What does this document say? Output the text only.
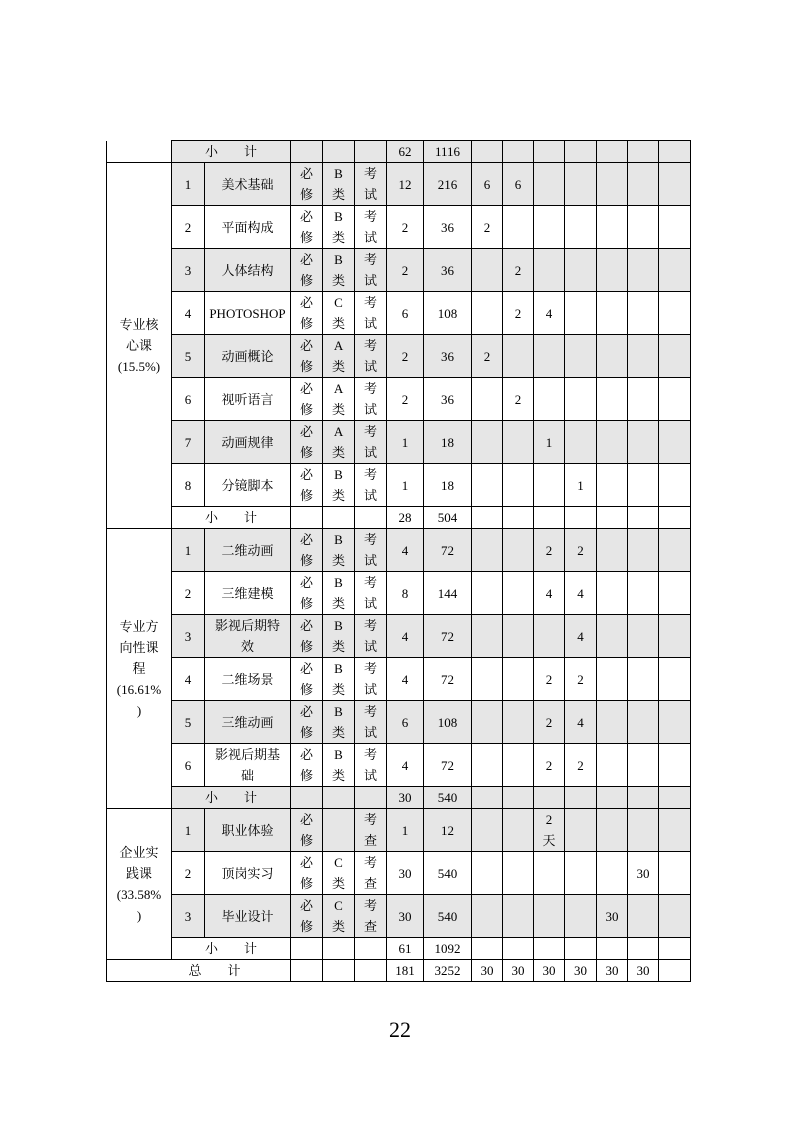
	小　　计					62	1116	

专业核
心课
(15.5%)	1	美术基础	必修	B类	考试	12	216	6	6					

	2	平面构成	必修	B类	考试	2	36	2						

	3	人体结构	必修	B类	考试	2	36		2					

	4	PHOTOSHOP	必修	C类	考试	6	108		2	4				

	5	动画概论	必修	A类	考试	2	36	2						

	6	视听语言	必修	A类	考试	2	36		2					

	7	动画规律	必修	A类	考试	1	18			1				

	8	分镜脚本	必修	B类	考试	1	18				1			

	小　　计					28	504	

专业方
向性课
程
(16.61%
)	1	二维动画	必修	B类	考试	4	72			2	2			

	2	三维建模	必修	B类	考试	8	144			4	4			

	3	影视后期特效	必修	B类	考试	4	72				4			

	4	二维场景	必修	B类	考试	4	72			2	2			

	5	三维动画	必修	B类	考试	6	108			2	4			

	6	影视后期基础	必修	B类	考试	4	72			2	2			

	小　　计					30	540	

企业实
践课
(33.58%
)	1	职业体验	必修		考查	1	12			2天				

	2	顶岗实习	必修	C类	考查	30	540						30	

	3	毕业设计	必修	C类	考查	30	540					30		

	小　　计					61	1092	

总　　计						181	3252	30	30	30	30	30	30	

22
